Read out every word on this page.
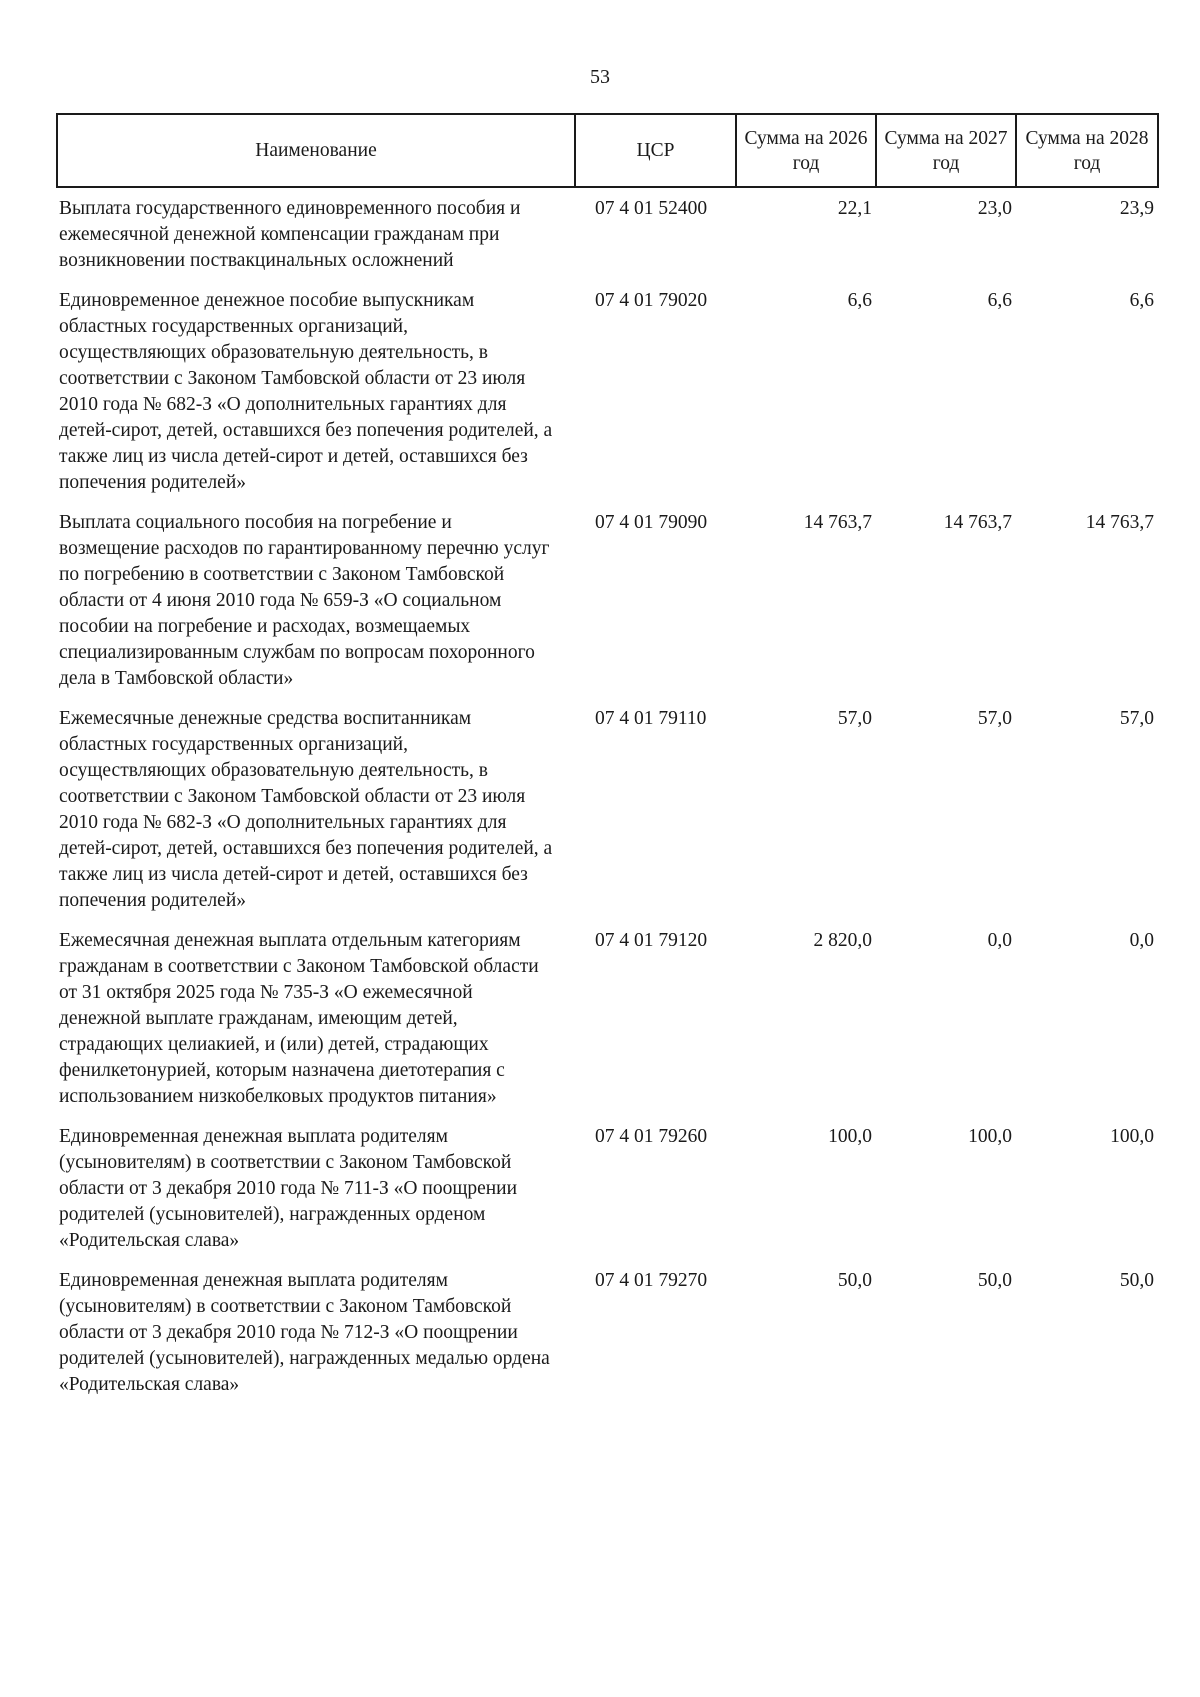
53
Наименование	ЦСР	Сумма на 2026 год	Сумма на 2027 год	Сумма на 2028 год
Выплата государственного единовременного пособия и ежемесячной денежной компенсации гражданам при возникновении поствакцинальных осложнений	07 4 01 52400	22,1	23,0	23,9
Единовременное денежное пособие выпускникам областных государственных организаций, осуществляющих образовательную деятельность, в соответствии с Законом Тамбовской области от 23 июля 2010 года № 682-З «О дополнительных гарантиях для детей-сирот, детей, оставшихся без попечения родителей, а также лиц из числа детей-сирот и детей, оставшихся без попечения родителей»	07 4 01 79020	6,6	6,6	6,6
Выплата социального пособия на погребение и возмещение расходов по гарантированному перечню услуг по погребению в соответствии с Законом Тамбовской области от 4 июня 2010 года № 659-З «О социальном пособии на погребение и расходах, возмещаемых специализированным службам по вопросам похоронного дела в Тамбовской области»	07 4 01 79090	14 763,7	14 763,7	14 763,7
Ежемесячные денежные средства воспитанникам областных государственных организаций, осуществляющих образовательную деятельность, в соответствии с Законом Тамбовской области от 23 июля 2010 года № 682-З «О дополнительных гарантиях для детей-сирот, детей, оставшихся без попечения родителей, а также лиц из числа детей-сирот и детей, оставшихся без попечения родителей»	07 4 01 79110	57,0	57,0	57,0
Ежемесячная денежная выплата отдельным категориям гражданам в соответствии с Законом Тамбовской области от 31 октября 2025 года № 735-З «О ежемесячной денежной выплате гражданам, имеющим детей, страдающих целиакией, и (или) детей, страдающих фенилкетонурией, которым назначена диетотерапия с использованием низкобелковых продуктов питания»	07 4 01 79120	2 820,0	0,0	0,0
Единовременная денежная выплата родителям (усыновителям) в соответствии с Законом Тамбовской области от 3 декабря 2010 года № 711-З «О поощрении родителей (усыновителей), награжденных орденом «Родительская слава»	07 4 01 79260	100,0	100,0	100,0
Единовременная денежная выплата родителям (усыновителям) в соответствии с Законом Тамбовской области от 3 декабря 2010 года № 712-З «О поощрении родителей (усыновителей), награжденных медалью ордена «Родительская слава»	07 4 01 79270	50,0	50,0	50,0
